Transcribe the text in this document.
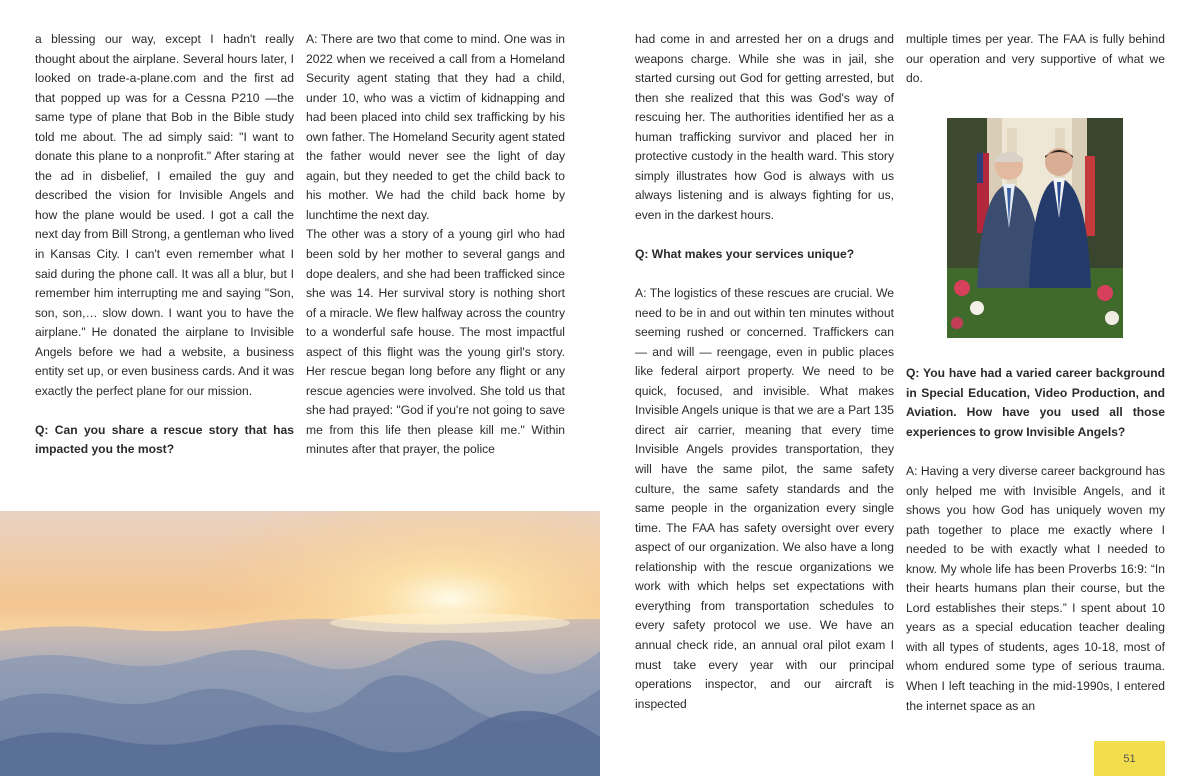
a blessing our way, except I hadn't really thought about the airplane. Several hours later, I looked on trade-a-plane.com and the first ad that popped up was for a Cessna P210 —the same type of plane that Bob in the Bible study told me about. The ad simply said: "I want to donate this plane to a nonprofit." After staring at the ad in disbelief, I emailed the guy and described the vision for Invisible Angels and how the plane would be used. I got a call the next day from Bill Strong, a gentleman who lived in Kansas City. I can't even remember what I said during the phone call. It was all a blur, but I remember him interrupting me and saying "Son, son, son,… slow down. I want you to have the airplane." He donated the airplane to Invisible Angels before we had a website, a business entity set up, or even business cards. And it was exactly the perfect plane for our mission.

Q: Can you share a rescue story that has impacted you the most?

A: There are two that come to mind. One was in 2022 when we received a call from a Homeland Security agent stating that they had a child, under 10, who was a victim of kidnapping and had been placed into child sex trafficking by his own father. The Homeland Security agent stated the father would never see the light of day again, but they needed to get the child back to his mother. We had the child back home by lunchtime the next day.

The other was a story of a young girl who had been sold by her mother to several gangs and dope dealers, and she had been trafficked since she was 14. Her survival story is nothing short of a miracle. We flew halfway across the country to a wonderful safe house. The most impactful aspect of this flight was the young girl's story. Her rescue began long before any flight or any rescue agencies were involved. She told us that she had prayed: "God if you're not going to save me from this life then please kill me." Within minutes after that prayer, the police

had come in and arrested her on a drugs and weapons charge. While she was in jail, she started cursing out God for getting arrested, but then she realized that this was God's way of rescuing her. The authorities identified her as a human trafficking survivor and placed her in protective custody in the health ward. This story simply illustrates how God is always with us always listening and is always fighting for us, even in the darkest hours.

Q: What makes your services unique?

A: The logistics of these rescues are crucial. We need to be in and out within ten minutes without seeming rushed or concerned. Traffickers can — and will — reengage, even in public places like federal airport property. We need to be quick, focused, and invisible. What makes Invisible Angels unique is that we are a Part 135 direct air carrier, meaning that every time Invisible Angels provides transportation, they will have the same pilot, the same safety culture, the same safety standards and the same people in the organization every single time. The FAA has safety oversight over every aspect of our organization. We also have a long relationship with the rescue organizations we work with which helps set expectations with everything from transportation schedules to every safety protocol we use. We have an annual check ride, an annual oral pilot exam I must take every year with our principal operations inspector, and our aircraft is inspected

multiple times per year. The FAA is fully behind our operation and very supportive of what we do.

Q: You have had a varied career background in Special Education, Video Production, and Aviation. How have you used all those experiences to grow Invisible Angels?
A: Having a very diverse career background has only helped me with Invisible Angels, and it shows you how God has uniquely woven my path together to place me exactly where I needed to be with exactly what I needed to know. My whole life has been Proverbs 16:9: “In their hearts humans plan their course, but the Lord establishes their steps.” I spent about 10 years as a special education teacher dealing with all types of students, ages 10-18, most of whom endured some type of serious trauma. When I left teaching in the mid-1990s, I entered the internet space as an
51
